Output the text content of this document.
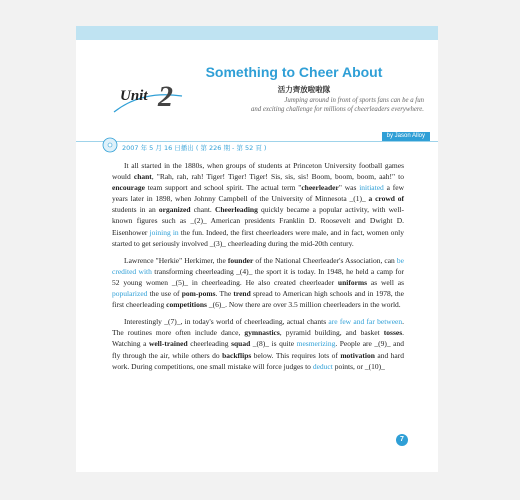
Something to Cheer About
活力齊放啦啦隊
Jumping around in front of sports fans can be a fun
and exciting challenge for millions of cheerleaders everywhere.
Unit 2
by Jason Alloy
2007 年 5 月 16 日播出 ( 第 226 期 - 第 52 頁 )

It all started in the 1880s, when groups of students at Princeton University football games would chant, "Rah, rah, rah! Tiger! Tiger! Tiger! Sis, sis, sis! Boom, boom, boom, aah!" to encourage team support and school spirit. The actual term "cheerleader" was initiated a few years later in 1898, when Johnny Campbell of the University of Minnesota _(1)_ a crowd of students in an organized chant. Cheerleading quickly became a popular activity, with well-known figures such as _(2)_ American presidents Franklin D. Roosevelt and Dwight D. Eisenhower joining in the fun. Indeed, the first cheerleaders were male, and in fact, women only started to get seriously involved _(3)_ cheerleading during the mid-20th century.

Lawrence "Herkie" Herkimer, the founder of the National Cheerleader's Association, can be credited with transforming cheerleading _(4)_ the sport it is today. In 1948, he held a camp for 52 young women _(5)_ in cheerleading. He also created cheerleader uniforms as well as popularized the use of pom-poms. The trend spread to American high schools and in 1978, the first cheerleading competitions _(6)_. Now there are over 3.5 million cheerleaders in the world.

Interestingly _(7)_, in today's world of cheerleading, actual chants are few and far between. The routines more often include dance, gymnastics, pyramid building, and basket tosses. Watching a well-trained cheerleading squad _(8)_ is quite mesmerizing. People are _(9)_ and fly through the air, while others do backflips below. This requires lots of motivation and hard work. During competitions, one small mistake will force judges to deduct points, or _(10)_

7
